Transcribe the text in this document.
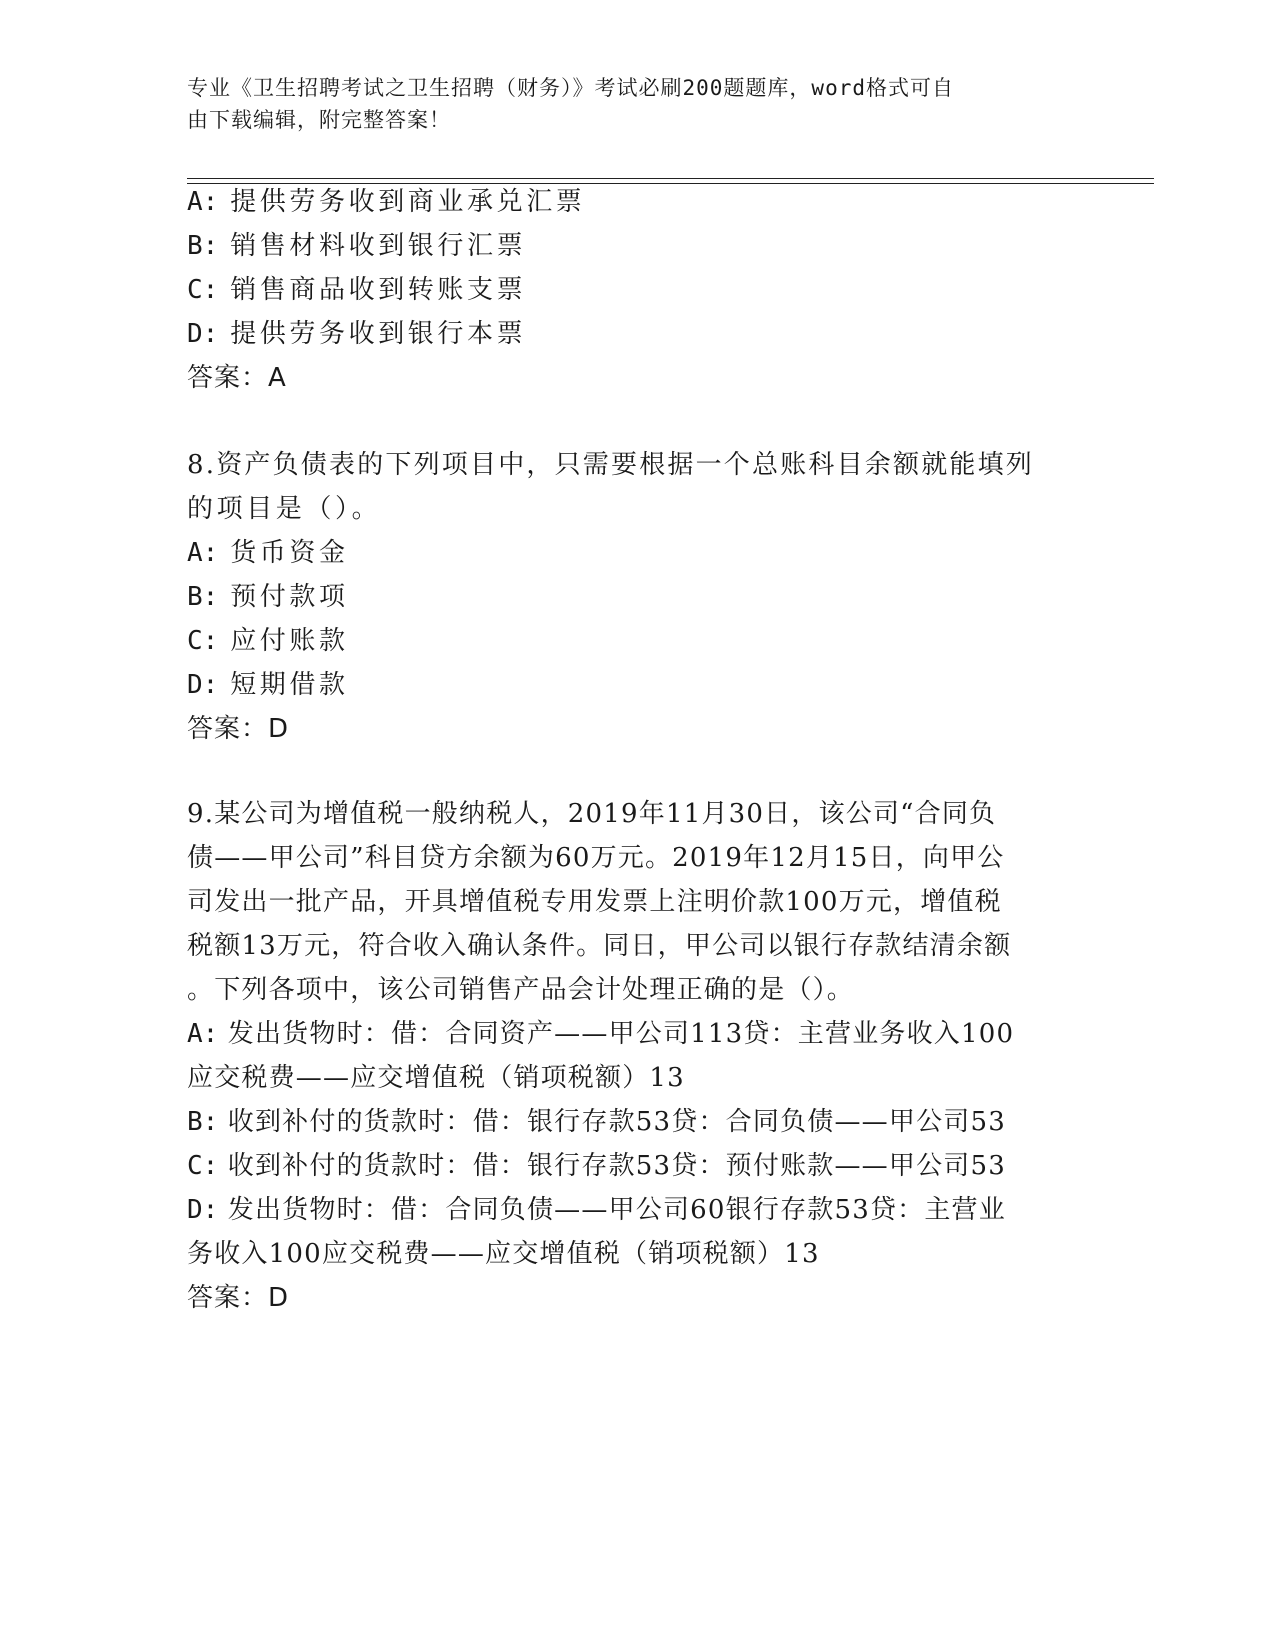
专业《卫生招聘考试之卫生招聘（财务）》考试必刷200题题库，word格式可自
由下载编辑，附完整答案！
A: 提供劳务收到商业承兑汇票
B: 销售材料收到银行汇票
C: 销售商品收到转账支票
D: 提供劳务收到银行本票
答案：A
8.资产负债表的下列项目中，只需要根据一个总账科目余额就能填列
的项目是（）。
A: 货币资金
B: 预付款项
C: 应付账款
D: 短期借款
答案：D
9.某公司为增值税一般纳税人，2019年11月30日，该公司“合同负
债——甲公司”科目贷方余额为60万元。2019年12月15日，向甲公
司发出一批产品，开具增值税专用发票上注明价款100万元，增值税
税额13万元，符合收入确认条件。同日，甲公司以银行存款结清余额
。下列各项中，该公司销售产品会计处理正确的是（）。
A: 发出货物时：借：合同资产——甲公司113贷：主营业务收入100
应交税费——应交增值税（销项税额）13
B: 收到补付的货款时：借：银行存款53贷：合同负债——甲公司53
C: 收到补付的货款时：借：银行存款53贷：预付账款——甲公司53
D: 发出货物时：借：合同负债——甲公司60银行存款53贷：主营业
务收入100应交税费——应交增值税（销项税额）13
答案：D
